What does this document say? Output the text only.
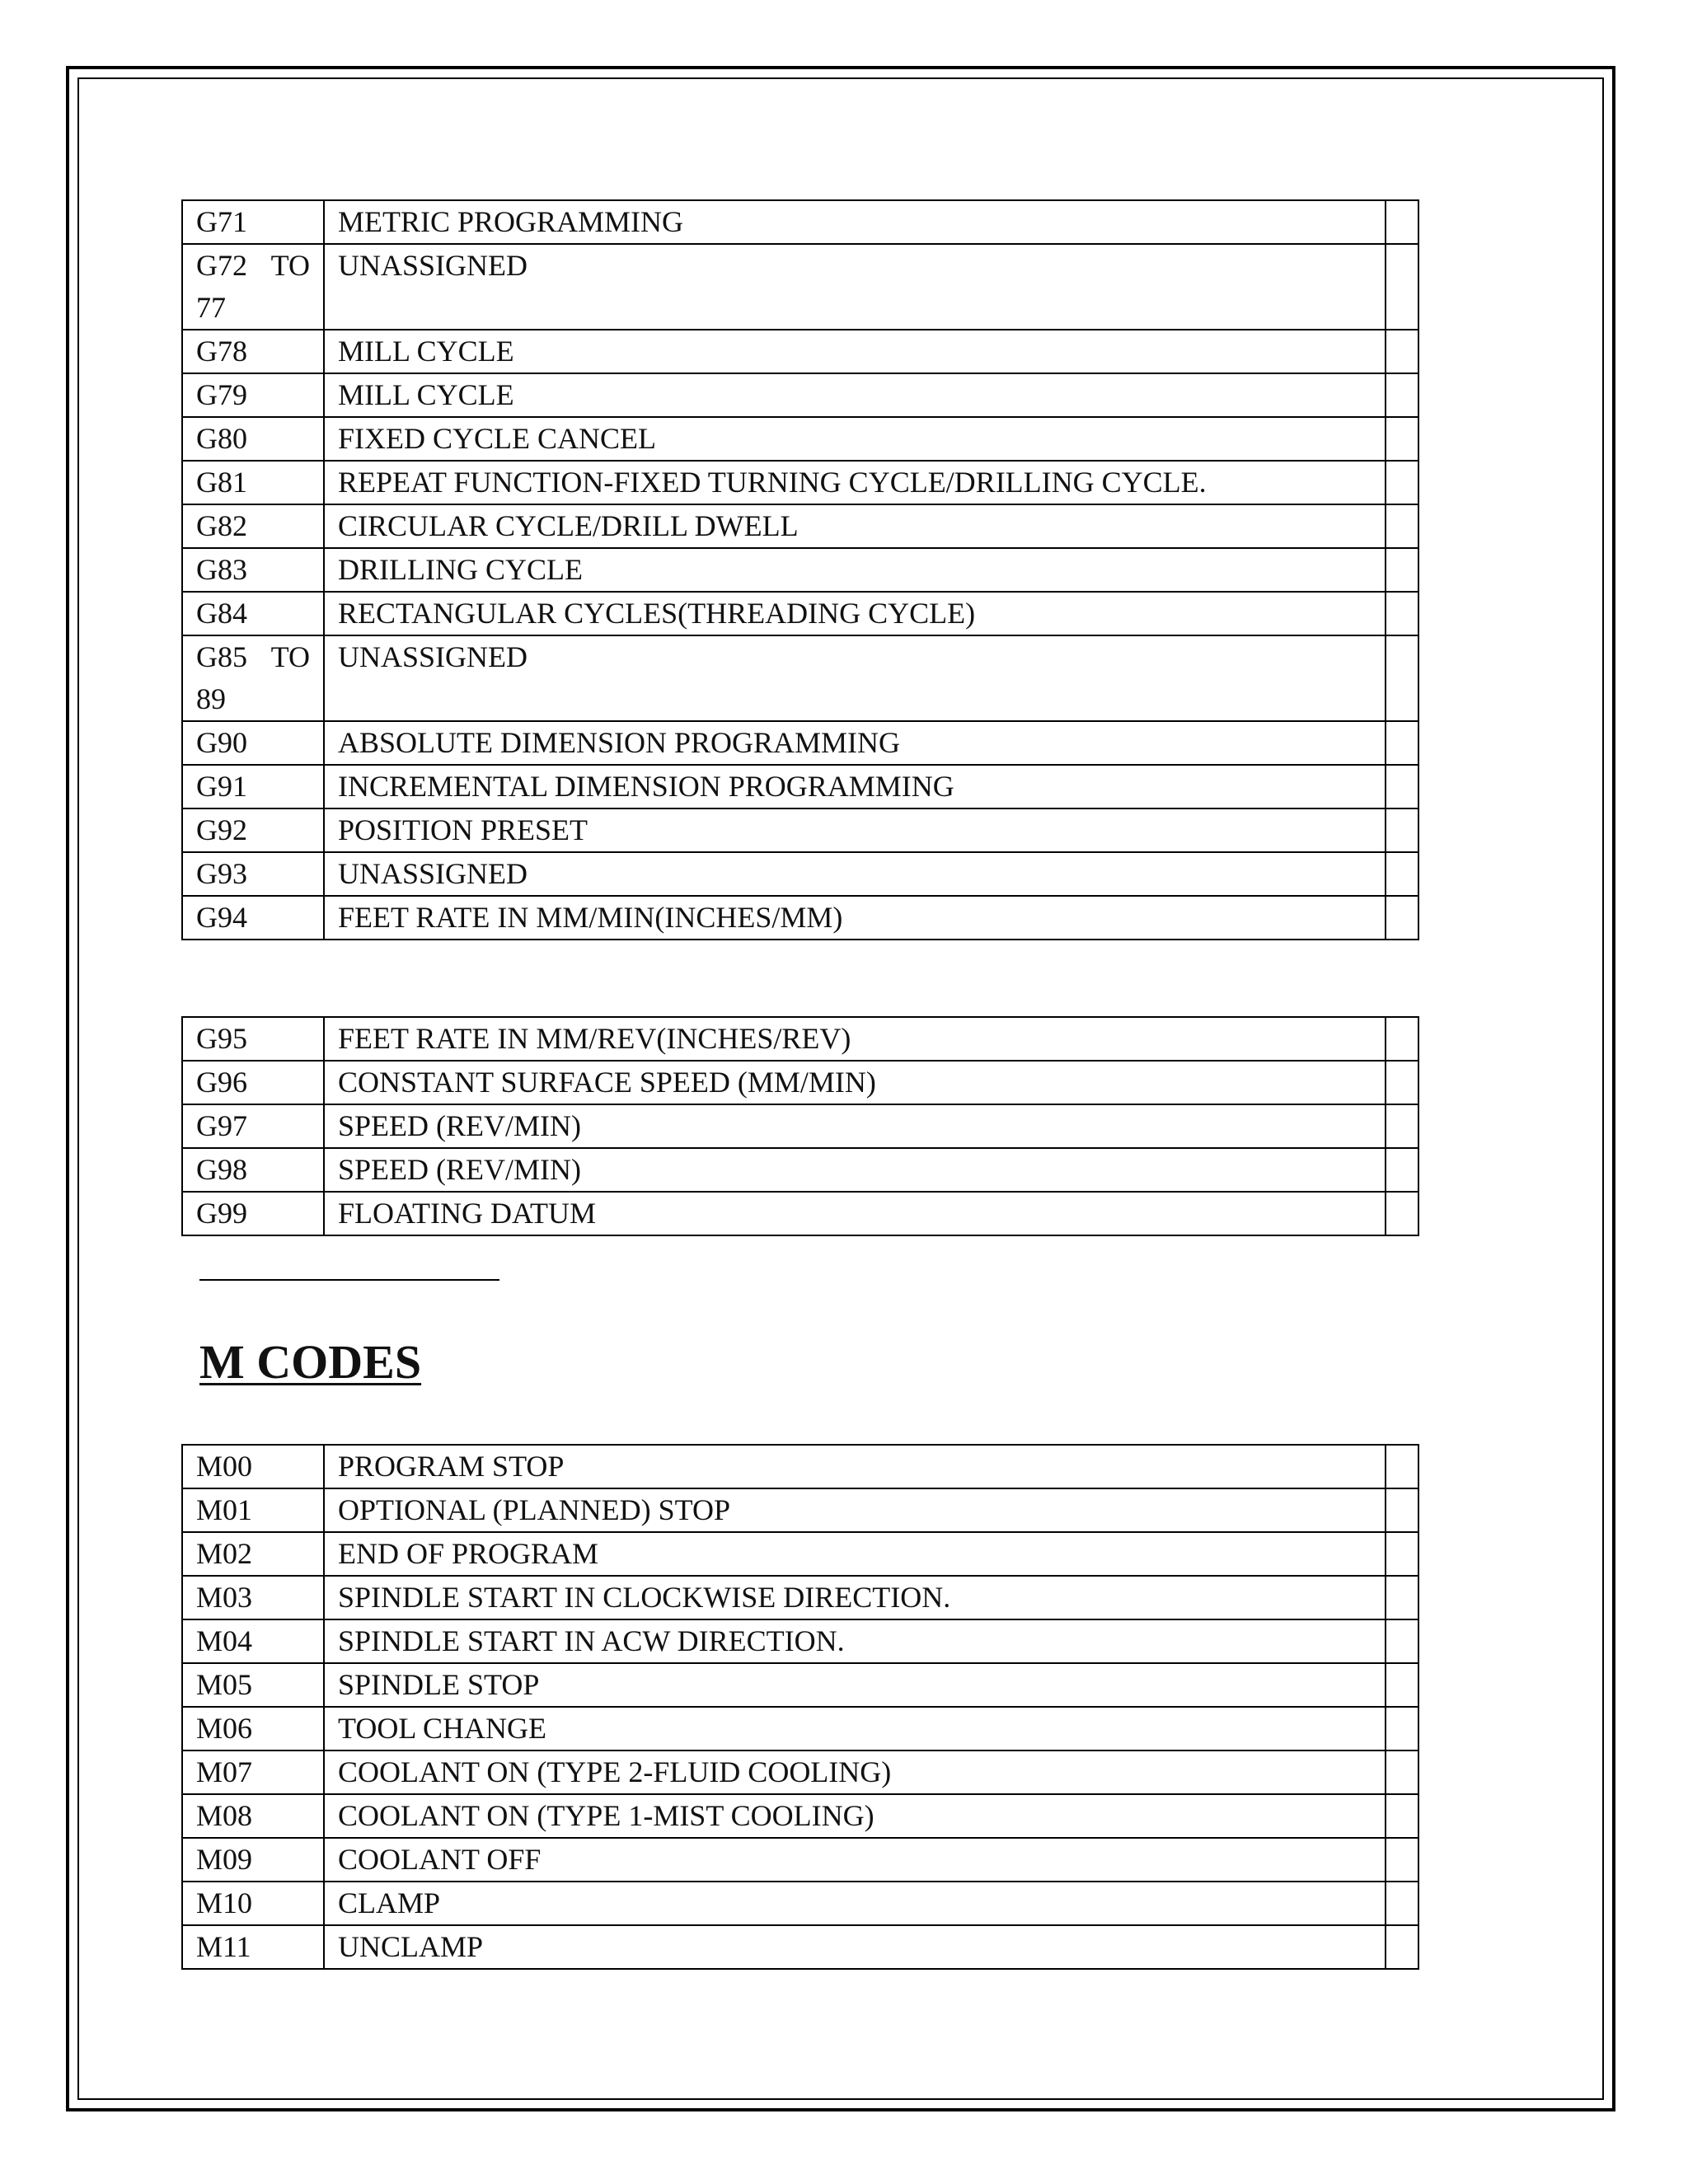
G71	METRIC PROGRAMMING	
G72 TO 77	UNASSIGNED	
G78	MILL CYCLE	
G79	MILL CYCLE	
G80	FIXED CYCLE CANCEL	
G81	REPEAT FUNCTION-FIXED TURNING CYCLE/DRILLING CYCLE.	
G82	CIRCULAR CYCLE/DRILL DWELL	
G83	DRILLING CYCLE	
G84	RECTANGULAR CYCLES(THREADING CYCLE)	
G85 TO 89	UNASSIGNED	
G90	ABSOLUTE DIMENSION PROGRAMMING	
G91	INCREMENTAL DIMENSION PROGRAMMING	
G92	POSITION PRESET	
G93	UNASSIGNED	
G94	FEET RATE IN MM/MIN(INCHES/MM)	
G95	FEET RATE IN MM/REV(INCHES/REV)	
G96	CONSTANT SURFACE SPEED (MM/MIN)	
G97	SPEED (REV/MIN)	
G98	SPEED (REV/MIN)	
G99	FLOATING DATUM	
M CODES
M00	PROGRAM STOP	
M01	OPTIONAL (PLANNED) STOP	
M02	END OF PROGRAM	
M03	SPINDLE START IN CLOCKWISE DIRECTION.	
M04	SPINDLE START IN ACW DIRECTION.	
M05	SPINDLE STOP	
M06	TOOL CHANGE	
M07	COOLANT ON (TYPE 2-FLUID COOLING)	
M08	COOLANT ON (TYPE 1-MIST COOLING)	
M09	COOLANT OFF	
M10	CLAMP	
M11	UNCLAMP	
